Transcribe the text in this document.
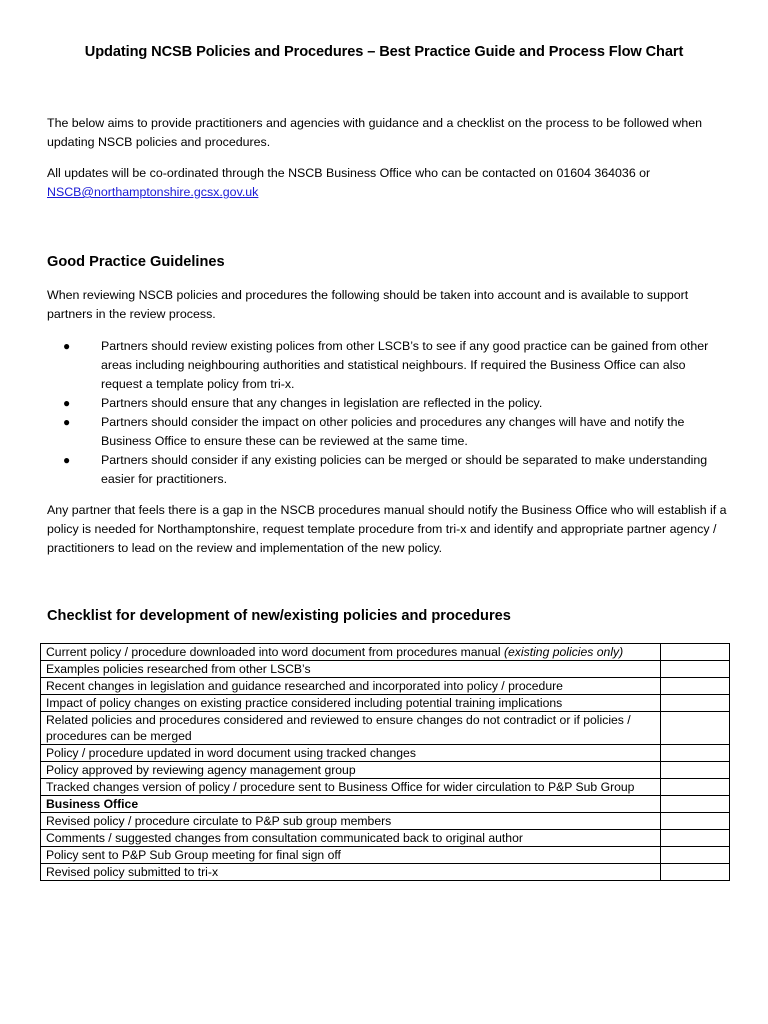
Updating NCSB Policies and Procedures – Best Practice Guide and Process Flow Chart
The below aims to provide practitioners and agencies with guidance and a checklist on the process to be followed when updating NSCB policies and procedures.
All updates will be co-ordinated through the NSCB Business Office who can be contacted on 01604 364036 or
NSCB@northamptonshire.gcsx.gov.uk
Good Practice Guidelines
When reviewing NSCB policies and procedures the following should be taken into account and is available to support partners in the review process.
● Partners should review existing polices from other LSCB’s to see if any good practice can be gained from other areas including neighbouring authorities and statistical neighbours. If required the Business Office can also request a template policy from tri-x.
● Partners should ensure that any changes in legislation are reflected in the policy.
● Partners should consider the impact on other policies and procedures any changes will have and notify the Business Office to ensure these can be reviewed at the same time.
● Partners should consider if any existing policies can be merged or should be separated to make understanding easier for practitioners.
Any partner that feels there is a gap in the NSCB procedures manual should notify the Business Office who will establish if a policy is needed for Northamptonshire, request template procedure from tri-x and identify and appropriate partner agency / practitioners to lead on the review and implementation of the new policy.
Checklist for development of new/existing policies and procedures
Current policy / procedure downloaded into word document from procedures manual (existing policies only)	
Examples policies researched from other LSCB’s	
Recent changes in legislation and guidance researched and incorporated into policy / procedure	
Impact of policy changes on existing practice considered including potential training implications	
Related policies and procedures considered and reviewed to ensure changes do not contradict or if policies / procedures can be merged	
Policy / procedure updated in word document using tracked changes	
Policy approved by reviewing agency management group	
Tracked changes version of policy / procedure sent to Business Office for wider circulation to P&P Sub Group	
Business Office	
Revised policy / procedure circulate to P&P sub group members	
Comments / suggested changes from consultation communicated back to original author	
Policy sent to P&P Sub Group meeting for final sign off	
Revised policy submitted to tri-x	
